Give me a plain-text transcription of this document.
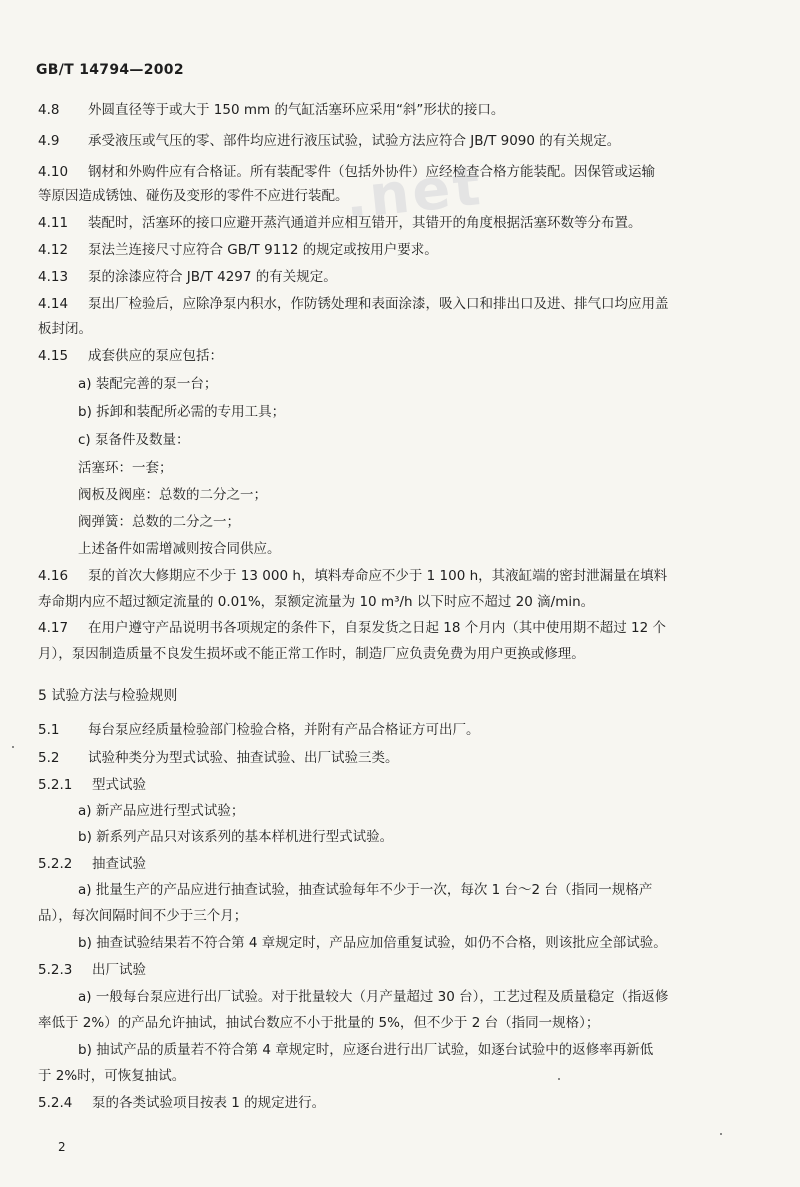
GB/T 14794—2002
.net
4.8 外圆直径等于或大于 150 mm 的气缸活塞环应采用“斜”形状的接口。
4.9 承受液压或气压的零、部件均应进行液压试验，试验方法应符合 JB/T 9090 的有关规定。
4.10 钢材和外购件应有合格证。所有装配零件（包括外协件）应经检查合格方能装配。因保管或运输
等原因造成锈蚀、碰伤及变形的零件不应进行装配。
4.11 装配时，活塞环的接口应避开蒸汽通道并应相互错开，其错开的角度根据活塞环数等分布置。
4.12 泵法兰连接尺寸应符合 GB/T 9112 的规定或按用户要求。
4.13 泵的涂漆应符合 JB/T 4297 的有关规定。
4.14 泵出厂检验后，应除净泵内积水，作防锈处理和表面涂漆，吸入口和排出口及进、排气口均应用盖
板封闭。
4.15 成套供应的泵应包括：
a) 装配完善的泵一台；
b) 拆卸和装配所必需的专用工具；
c) 泵备件及数量：
活塞环：一套；
阀板及阀座：总数的二分之一；
阀弹簧：总数的二分之一；
上述备件如需增减则按合同供应。
4.16 泵的首次大修期应不少于 13 000 h，填料寿命应不少于 1 100 h，其液缸端的密封泄漏量在填料
寿命期内应不超过额定流量的 0.01%，泵额定流量为 10 m³/h 以下时应不超过 20 滴/min。
4.17 在用户遵守产品说明书各项规定的条件下，自泵发货之日起 18 个月内（其中使用期不超过 12 个
月），泵因制造质量不良发生损坏或不能正常工作时，制造厂应负责免费为用户更换或修理。
5 试验方法与检验规则
5.1 每台泵应经质量检验部门检验合格，并附有产品合格证方可出厂。
5.2 试验种类分为型式试验、抽查试验、出厂试验三类。
5.2.1 型式试验
a) 新产品应进行型式试验；
b) 新系列产品只对该系列的基本样机进行型式试验。
5.2.2 抽查试验
a) 批量生产的产品应进行抽查试验，抽查试验每年不少于一次，每次 1 台～2 台（指同一规格产
品），每次间隔时间不少于三个月；
b) 抽查试验结果若不符合第 4 章规定时，产品应加倍重复试验，如仍不合格，则该批应全部试验。
5.2.3 出厂试验
a) 一般每台泵应进行出厂试验。对于批量较大（月产量超过 30 台），工艺过程及质量稳定（指返修
率低于 2%）的产品允许抽试，抽试台数应不小于批量的 5%，但不少于 2 台（指同一规格）；
b) 抽试产品的质量若不符合第 4 章规定时，应逐台进行出厂试验，如逐台试验中的返修率再新低
于 2%时，可恢复抽试。
5.2.4 泵的各类试验项目按表 1 的规定进行。
2
